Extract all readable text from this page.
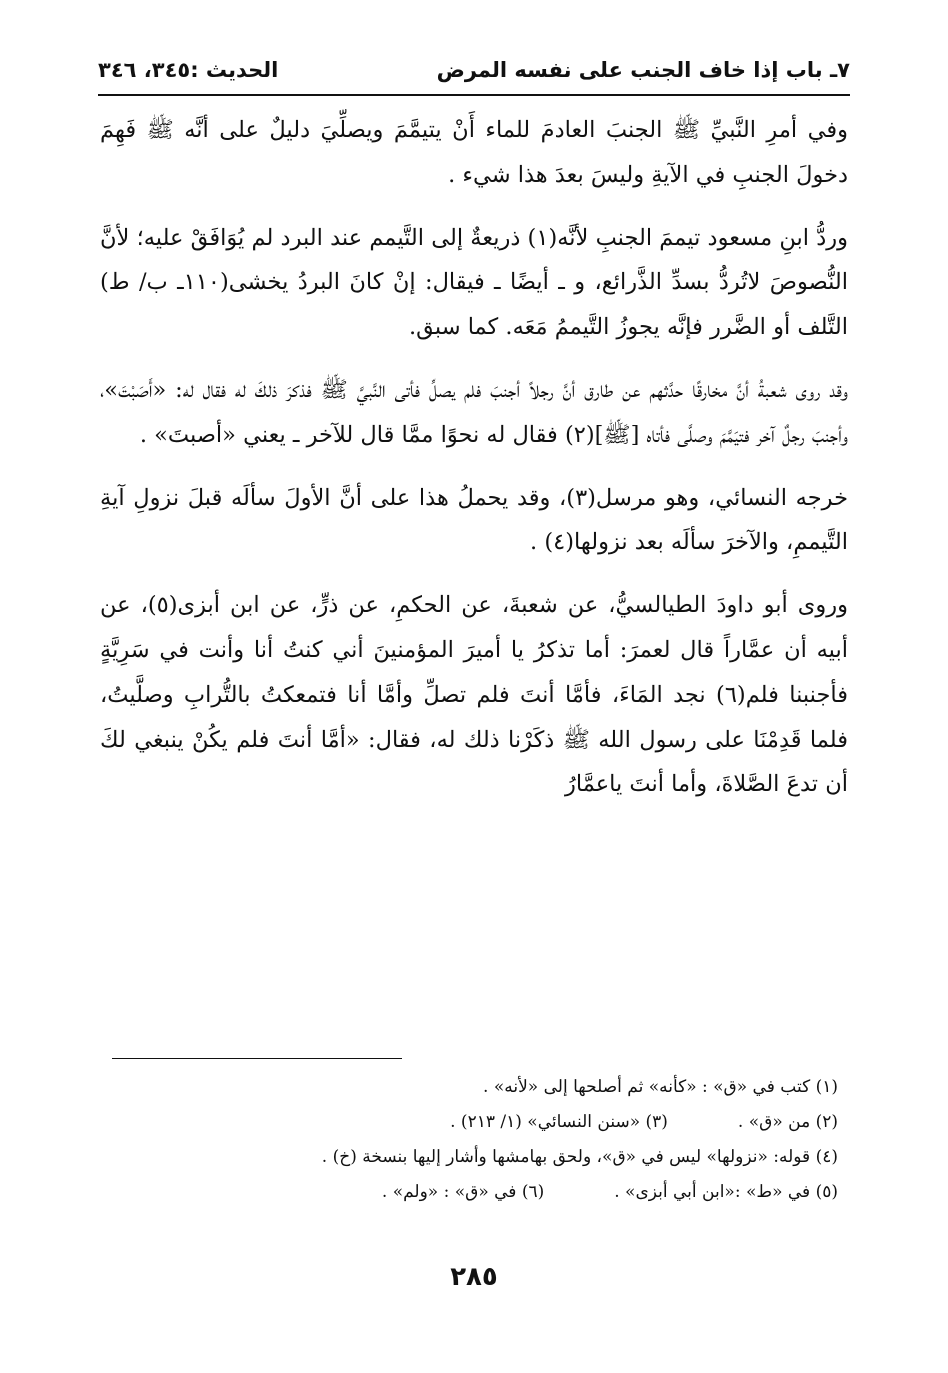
٧ـ باب إذا خاف الجنب على نفسه المرض
الحديث :٣٤٥، ٣٤٦

وفي أمرِ النَّبيِّ ﷺ الجنبَ العادمَ للماء أَنْ يتيمَّمَ ويصلِّيَ دليلٌ على أنَّه ﷺ فَهِمَ دخولَ الجنبِ في الآيةِ وليسَ بعدَ هذا شيء .

وردُّ ابنِ مسعود تيممَ الجنبِ لأنَّه(١) ذريعةٌ إلى التَّيمم عند البرد لم يُوَافَقْ عليه؛ لأنَّ النُّصوصَ لاتُردُّ بسدِّ الذَّرائع، و ـ أيضًا ـ فيقال: إنْ كانَ البردُ يخشى(١١٠ـ ب/ ط) التَّلف أو الضَّرر فإنَّه يجوزُ التَّيممُ مَعَه. كما سبق.

وقد روى شعبةُ أنَّ مخارقًا حدَّثهم عن طارق أنَّ رجلاً أجنبَ فلم يصلِّ فأتى النَّبيَّ ﷺ فذكرَ ذلكَ له فقال له: «أَصَبْتَ»، وأجنبَ رجلٌ آخر فتيَمَّمَ وصلَّى فأتاه [ﷺ](٢) فقال له نحوًا ممَّا قال للآخر ـ يعني «أصبتَ» .

خرجه النسائي، وهو مرسل(٣)، وقد يحملُ هذا على أنَّ الأولَ سألَه قبلَ نزولِ آيةِ التَّيممِ، والآخرَ سألَه بعد نزولها(٤) .

وروى أبو داودَ الطيالسيُّ، عن شعبةَ، عن الحكمِ، عن ذرٍّ، عن ابن أبزى(٥)، عن أبيه أن عمَّاراً قال لعمرَ: أما تذكرُ يا أميرَ المؤمنينَ أني كنتُ أنا وأنت في سَرِيَّةٍ فأجنبنا فلم(٦) نجد المَاءَ، فأمَّا أنتَ فلم تصلِّ وأمَّا أنا فتمعكتُ بالتُّرابِ وصلَّيتُ، فلما قَدِمْنَا على رسول الله ﷺ ذكَرْنا ذلك له، فقال: «أمَّا أنتَ فلم يكُنْ ينبغي لكَ أن تدعَ الصَّلاةَ، وأما أنتَ ياعمَّارُ

(١) كتب في «ق» : «كأنه» ثم أصلحها إلى «لأنه» .
(٢) من «ق» .
(٣) «سنن النسائي» (١/ ٢١٣) .
(٤) قوله: «نزولها» ليس في «ق»، ولحق بهامشها وأشار إليها بنسخة (خ) .
(٥) في «ط» :«ابن أبي أبزى» .
(٦) في «ق» : «ولم» .
٢٨٥
